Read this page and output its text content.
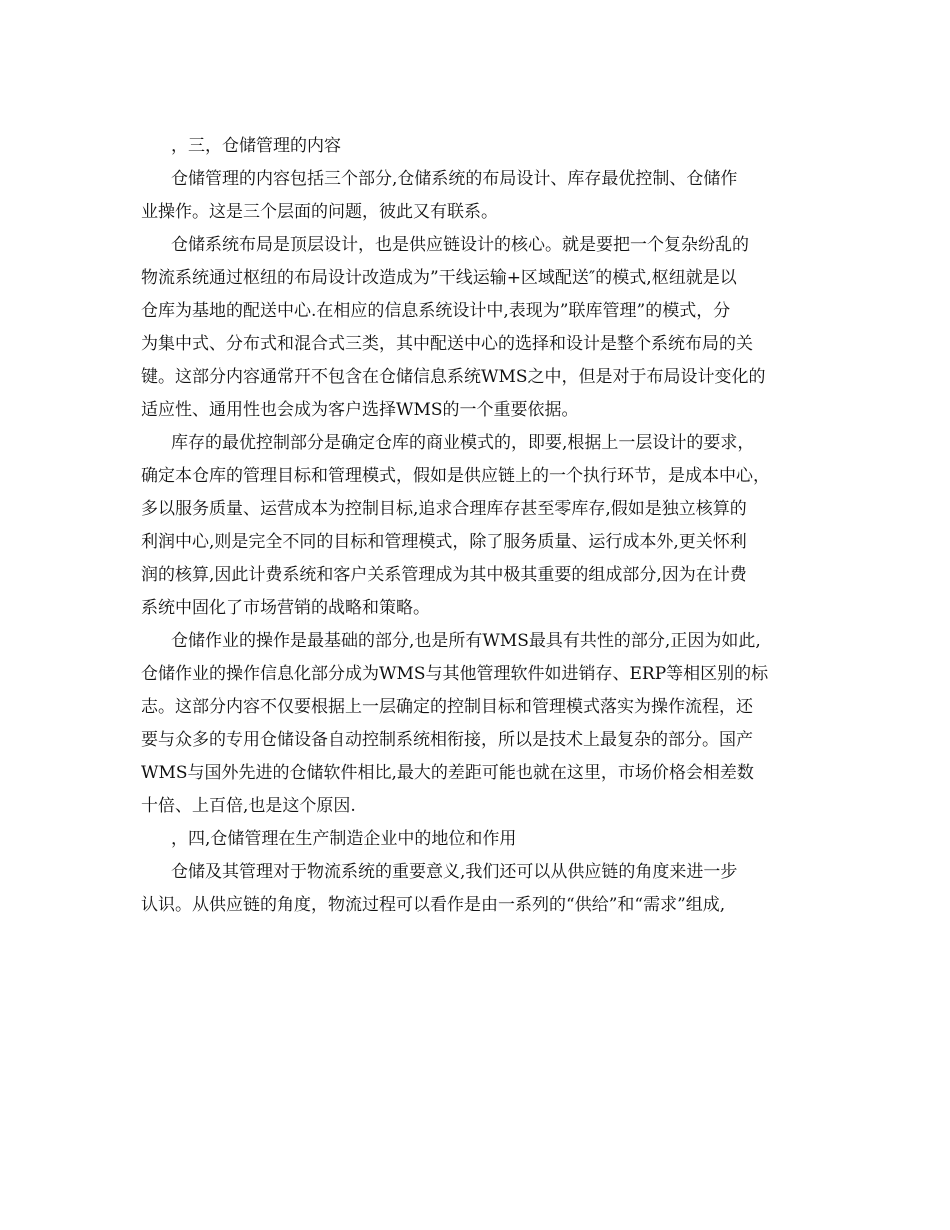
，三，仓储管理的内容
仓储管理的内容包括三个部分,仓储系统的布局设计、库存最优控制、仓储作
业操作。这是三个层面的问题，彼此又有联系。
仓储系统布局是顶层设计，也是供应链设计的核心。就是要把一个复杂纷乱的
物流系统通过枢纽的布局设计改造成为”干线运输+区域配送″的模式,枢纽就是以
仓库为基地的配送中心.在相应的信息系统设计中,表现为”联库管理”的模式，分
为集中式、分布式和混合式三类，其中配送中心的选择和设计是整个系统布局的关
键。这部分内容通常幵不包含在仓储信息系统WMS之中，但是对于布局设计变化的
适应性、通用性也会成为客户选择WMS的一个重要依据。
库存的最优控制部分是确定仓库的商业模式的，即要,根据上一层设计的要求，
确定本仓库的管理目标和管理模式，假如是供应链上的一个执行环节，是成本中心，
多以服务质量、运营成本为控制目标,追求合理库存甚至零库存,假如是独立核算的
利润中心,则是完全不同的目标和管理模式，除了服务质量、运行成本外,更关怀利
润的核算,因此计费系统和客户关系管理成为其中极其重要的组成部分,因为在计费
系统中固化了市场营销的战略和策略。
仓储作业的操作是最基础的部分,也是所有WMS最具有共性的部分,正因为如此,
仓储作业的操作信息化部分成为WMS与其他管理软件如进销存、ERP等相区别的标
志。这部分内容不仅要根据上一层确定的控制目标和管理模式落实为操作流程，还
要与众多的专用仓储设备自动控制系统相衔接，所以是技术上最复杂的部分。国产
WMS与国外先进的仓储软件相比,最大的差距可能也就在这里，市场价格会相差数
十倍、上百倍,也是这个原因.
，四,仓储管理在生产制造企业中的地位和作用
仓储及其管理对于物流系统的重要意义,我们还可以从供应链的角度来进一步
认识。从供应链的角度，物流过程可以看作是由一系列的“供给”和“需求”组成,
